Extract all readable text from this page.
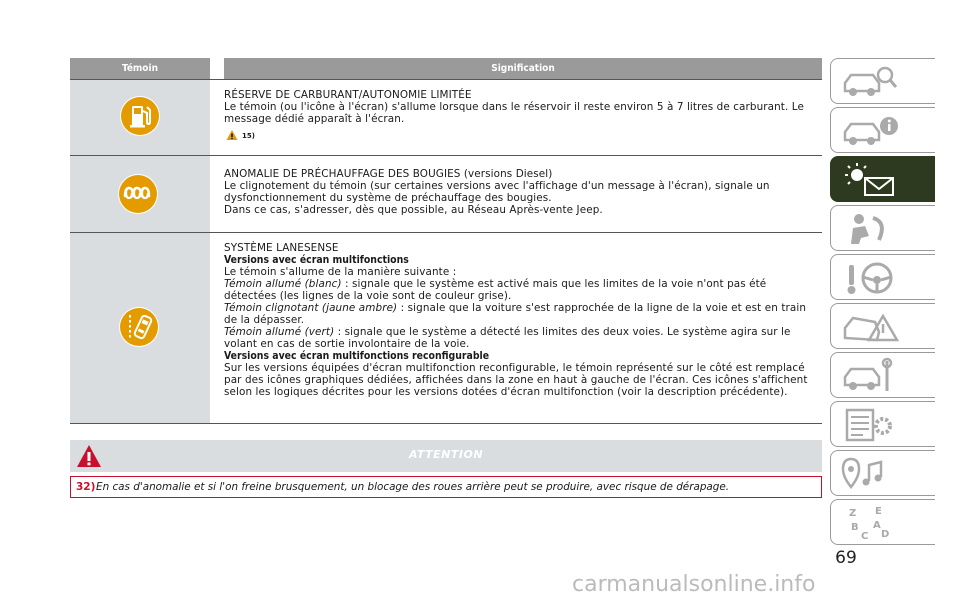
Témoin	Signification
RÉSERVE DE CARBURANT/AUTONOMIE LIMITÉE
Le témoin (ou l'icône à l'écran) s'allume lorsque dans le réservoir il reste environ 5 à 7 litres de carburant. Le message dédié apparaît à l'écran.
15)
ANOMALIE DE PRÉCHAUFFAGE DES BOUGIES (versions Diesel)
Le clignotement du témoin (sur certaines versions avec l'affichage d'un message à l'écran), signale un dysfonctionnement du système de préchauffage des bougies.
Dans ce cas, s'adresser, dès que possible, au Réseau Après-vente Jeep.
SYSTÈME LANESENSE
Versions avec écran multifonctions
Le témoin s'allume de la manière suivante :
Témoin allumé (blanc) : signale que le système est activé mais que les limites de la voie n'ont pas été détectées (les lignes de la voie sont de couleur grise).
Témoin clignotant (jaune ambre) : signale que la voiture s'est rapprochée de la ligne de la voie et est en train de la dépasser.
Témoin allumé (vert) : signale que le système a détecté les limites des deux voies. Le système agira sur le volant en cas de sortie involontaire de la voie.
Versions avec écran multifonctions reconfigurable
Sur les versions équipées d'écran multifonction reconfigurable, le témoin représenté sur le côté est remplacé par des icônes graphiques dédiées, affichées dans la zone en haut à gauche de l'écran. Ces icônes s'affichent selon les logiques décrites pour les versions dotées d'écran multifonction (voir la description précédente).
ATTENTION
32) En cas d'anomalie et si l'on freine brusquement, un blocage des roues arrière peut se produire, avec risque de dérapage.
Z E
B A
C D
69
carmanualsonline.info
